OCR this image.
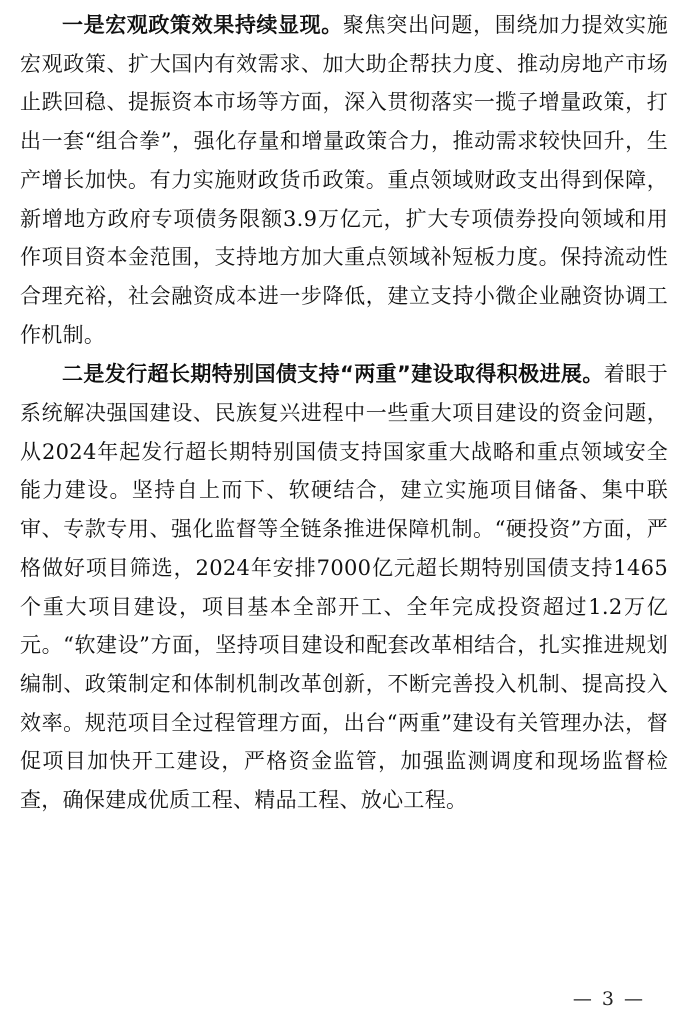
一是宏观政策效果持续显现。聚焦突出问题，围绕加力提效实施宏观政策、扩大国内有效需求、加大助企帮扶力度、推动房地产市场止跌回稳、提振资本市场等方面，深入贯彻落实一揽子增量政策，打出一套“组合拳”，强化存量和增量政策合力，推动需求较快回升，生产增长加快。有力实施财政货币政策。重点领域财政支出得到保障，新增地方政府专项债务限额3.9万亿元，扩大专项债券投向领域和用作项目资本金范围，支持地方加大重点领域补短板力度。保持流动性合理充裕，社会融资成本进一步降低，建立支持小微企业融资协调工作机制。

二是发行超长期特别国债支持“两重”建设取得积极进展。着眼于系统解决强国建设、民族复兴进程中一些重大项目建设的资金问题，从2024年起发行超长期特别国债支持国家重大战略和重点领域安全能力建设。坚持自上而下、软硬结合，建立实施项目储备、集中联审、专款专用、强化监督等全链条推进保障机制。“硬投资”方面，严格做好项目筛选，2024年安排7000亿元超长期特别国债支持1465个重大项目建设，项目基本全部开工、全年完成投资超过1.2万亿元。“软建设”方面，坚持项目建设和配套改革相结合，扎实推进规划编制、政策制定和体制机制改革创新，不断完善投入机制、提高投入效率。规范项目全过程管理方面，出台“两重”建设有关管理办法，督促项目加快开工建设，严格资金监管，加强监测调度和现场监督检查，确保建成优质工程、精品工程、放心工程。

— 3 —
